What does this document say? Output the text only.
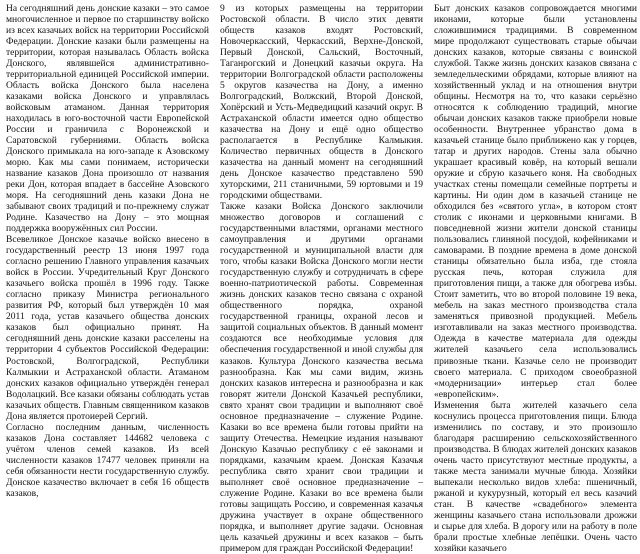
На сегодняшний день донские казаки – это самое многочисленное и первое по старшинству войско из всех казачьих войск на территории Российской Федерации. Донские казаки были размещены на территории, которая называлась Область войска Донского, являвшейся административно-территориальной единицей Российской империи. Область войска Донского была населена казаками войска Донского и управлялась войсковым атаманом. Данная территория находилась в юго-восточной части Европейской России и граничила с Воронежской и Саратовской губерниями. Область войска Донского примыкала на юго-западе к Азовскому морю. Как мы сами понимаем, исторически название казаков Дона произошло от названия реки Дон, которая впадает в бассейне Азовского моря. На сегодняшний день казаки Дона не забывают своих традиций и по-прежнему служат Родине. Казачество на Дону – это мощная поддержка вооружённых сил России.

Всевеликое Донское казачье войско внесено в государственный реестр 13 июня 1997 года согласно решению Главного управления казачьих войск в России. Учредительный Круг Донского казачьего войска прошёл в 1996 году. Также согласно приказу Министра регионального развития РФ, который был утверждён 10 мая 2011 года, устав казачьего общества донских казаков был официально принят. На сегодняшний день донские казаки расселены на территории 4 субъектов Российской Федерации: Ростовской, Волгоградской, Республики Калмыкии и Астраханской области. Атаманом донских казаков официально утверждён генерал Водолацкий. Все казаки обязаны соблюдать устав казачьих обществ. Главным священником казаков Дона является протоиерей Сергий.

Согласно последним данным, численность казаков Дона составляет 144682 человека с учётом членов семей казаков. Из всей численности казаков 17477 человек приняли на себя обязанности нести государственную службу. Донское казачество включает в себя 16 обществ казаков,

9 из которых размещены на территории Ростовской области. В число этих девяти обществ казаков входят Ростовский, Новочеркасский, Черкасский, Верхне-Донской, Первый Донской, Сальский, Восточный, Таганрогский и Донецкий казачьи округа. На территории Волгоградской области расположены 5 округов казачества на Дону, а именно Волгоградский, Волжский, Второй Донской, Хопёрский и Усть-Медведицкий казачий округ. В Астраханской области имеется одно общество казачества на Дону и ещё одно общество располагается в Республике Калмыкия. Количество первичных обществ в Донского казачества на данный момент на сегодняшний день Донское казачество представлено 590 хуторскими, 211 станичными, 59 юртовыми и 19 городскими обществами.

Также казаки Войска Донского заключили множество договоров и соглашений с государственными властями, органами местного самоуправления и другими органами государственной и муниципальной власти для того, чтобы казаки Войска Донского могли нести государственную службу и сотрудничать в сфере военно-патриотической работы. Современная жизнь донских казаков тесно связана с охраной общественного порядка, охраной государственной границы, охраной лесов и защитой социальных объектов. В данный момент создаются все необходимые условия для обеспечения государственной и иной службы для казаков. Культура Донского казачества весьма разнообразна. Как мы сами видим, жизнь донских казаков интересна и разнообразна и как говорят жители Донской Казачьей республики, свято хранят свои традиции и выполняют своё основное предназначение – служение Родине. Казаки во все времена были готовы прийти на защиту Отечества. Немецкие издания называют Донскую Казачью республику с её законами и порядками, казачьим краем. Донская Казачья республика свято хранит свои традиции и выполняет своё основное предназначение – служение Родине. Казаки во все времена были готовы защищать Россию, и современная казачья дружина участвует в охране общественного порядка, и выполняет другие задачи. Основная цель казачьей дружины и всех казаков – быть примером для граждан Российской Федерации!

Быт донских казаков сопровождается многими иконами, которые были установлены сложившимися традициями. В современном мире продолжают существовать старые обычаи донских казаков, которые связаны с воинской службой. Также жизнь донских казаков связана с земледельческими обрядами, которые влияют на хозяйственный уклад и на отношения внутри общины. Несмотря на то, что казаки серьёзно относятся к соблюдению традиций, многие обычаи донских казаков также приобрели новые особенности. Внутреннее убранство дома в казачьей станице было приближено как у горцев, татар и других народов. Стены зала обычно украшает красивый ковёр, на который вешали оружие и сбрую казачьего коня. На свободных участках стены помещали семейные портреты и картины. Ни один дом в казачьей станице не обходился без «святого угла», в котором стоят столик с иконами и церковными книгами. В повседневной жизни жители донской станицы пользовались глиняной посудой, кофейниками и самоварами. В поздние времена в доме донской станицы обязательно была изба, где стояла русская печь, которая служила для приготовления пищи, а также для обогрева избы. Стоит заметить, что во второй половине 19 века, мебель на заказ местного производства стала заменяться привозной продукцией. Мебель изготавливали на заказ местного производства. Одежда в качестве материала для одежды жителей казачьего села использовались привозные ткани. Казачье село не производит своего материала. С приходом своеобразной «модернизации» интерьер стал более «европейским».

Изменения быта жителей казачьего села коснулись процесса приготовления пищи. Блюда изменились по составу, и это произошло благодаря расширению сельскохозяйственного производства. В блюдах жителей донских казаков очень часто присутствуют местные продукты, а также места занимали мучные блюда. Хозяйки выпекали несколько видов хлеба: пшеничный, ржаной и кукурузный, который ел весь казачий стан. В качестве «свадебного» элемента женщины казачьего стана использовали дрожжи и сырье для хлеба. В дорогу или на работу в поле брали простые хлебные лепёшки. Очень часто хозяйки казачьего
